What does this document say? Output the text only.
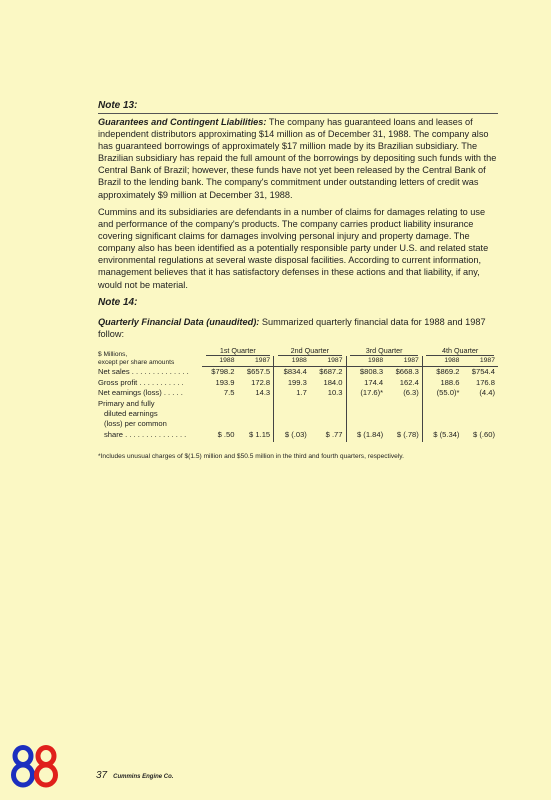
Note 13:

Guarantees and Contingent Liabilities: The company has guaranteed loans and leases of independent distributors approximating $14 million as of December 31, 1988. The company also has guaranteed borrowings of approximately $17 million made by its Brazilian subsidiary. The Brazilian subsidiary has repaid the full amount of the borrowings by depositing such funds with the Central Bank of Brazil; however, these funds have not yet been released by the Central Bank of Brazil to the lending bank. The company's commitment under outstanding letters of credit was approximately $9 million at December 31, 1988.

Cummins and its subsidiaries are defendants in a number of claims for damages relating to use and performance of the company's products. The company carries product liability insurance covering significant claims for damages involving personal injury and property damage. The company also has been identified as a potentially responsible party under U.S. and related state environmental regulations at several waste disposal facilities. According to current information, management believes that it has satisfactory defenses in these actions and that liability, if any, would not be material.

Note 14:

Quarterly Financial Data (unaudited): Summarized quarterly financial data for 1988 and 1987 follow:

$ Millions,
except per share amounts	1st Quarter		2nd Quarter		3rd Quarter		4th Quarter	

	1988	1987	1988	1987	1988	1987	1988	1987
Net sales . . . . . . . . . . . . . .	$798.2	$657.5	$834.4	$687.2	$808.3	$668.3	$869.2	$754.4
Gross profit . . . . . . . . . . .	193.9	172.8	199.3	184.0	174.4	162.4	188.6	176.8
Net earnings (loss) . . . . .	7.5	14.3	1.7	10.3	(17.6)*	(6.3)	(55.0)*	(4.4)
Primary and fully								
diluted earnings								
(loss) per common								
share . . . . . . . . . . . . . . .	$ .50	$ 1.15	$ (.03)	$ .77	$ (1.84)	$ (.78)	$ (5.34)	$ (.60)

*Includes unusual charges of $(1.5) million and $50.5 million in the third and fourth quarters, respectively.

37 Cummins Engine Co.
